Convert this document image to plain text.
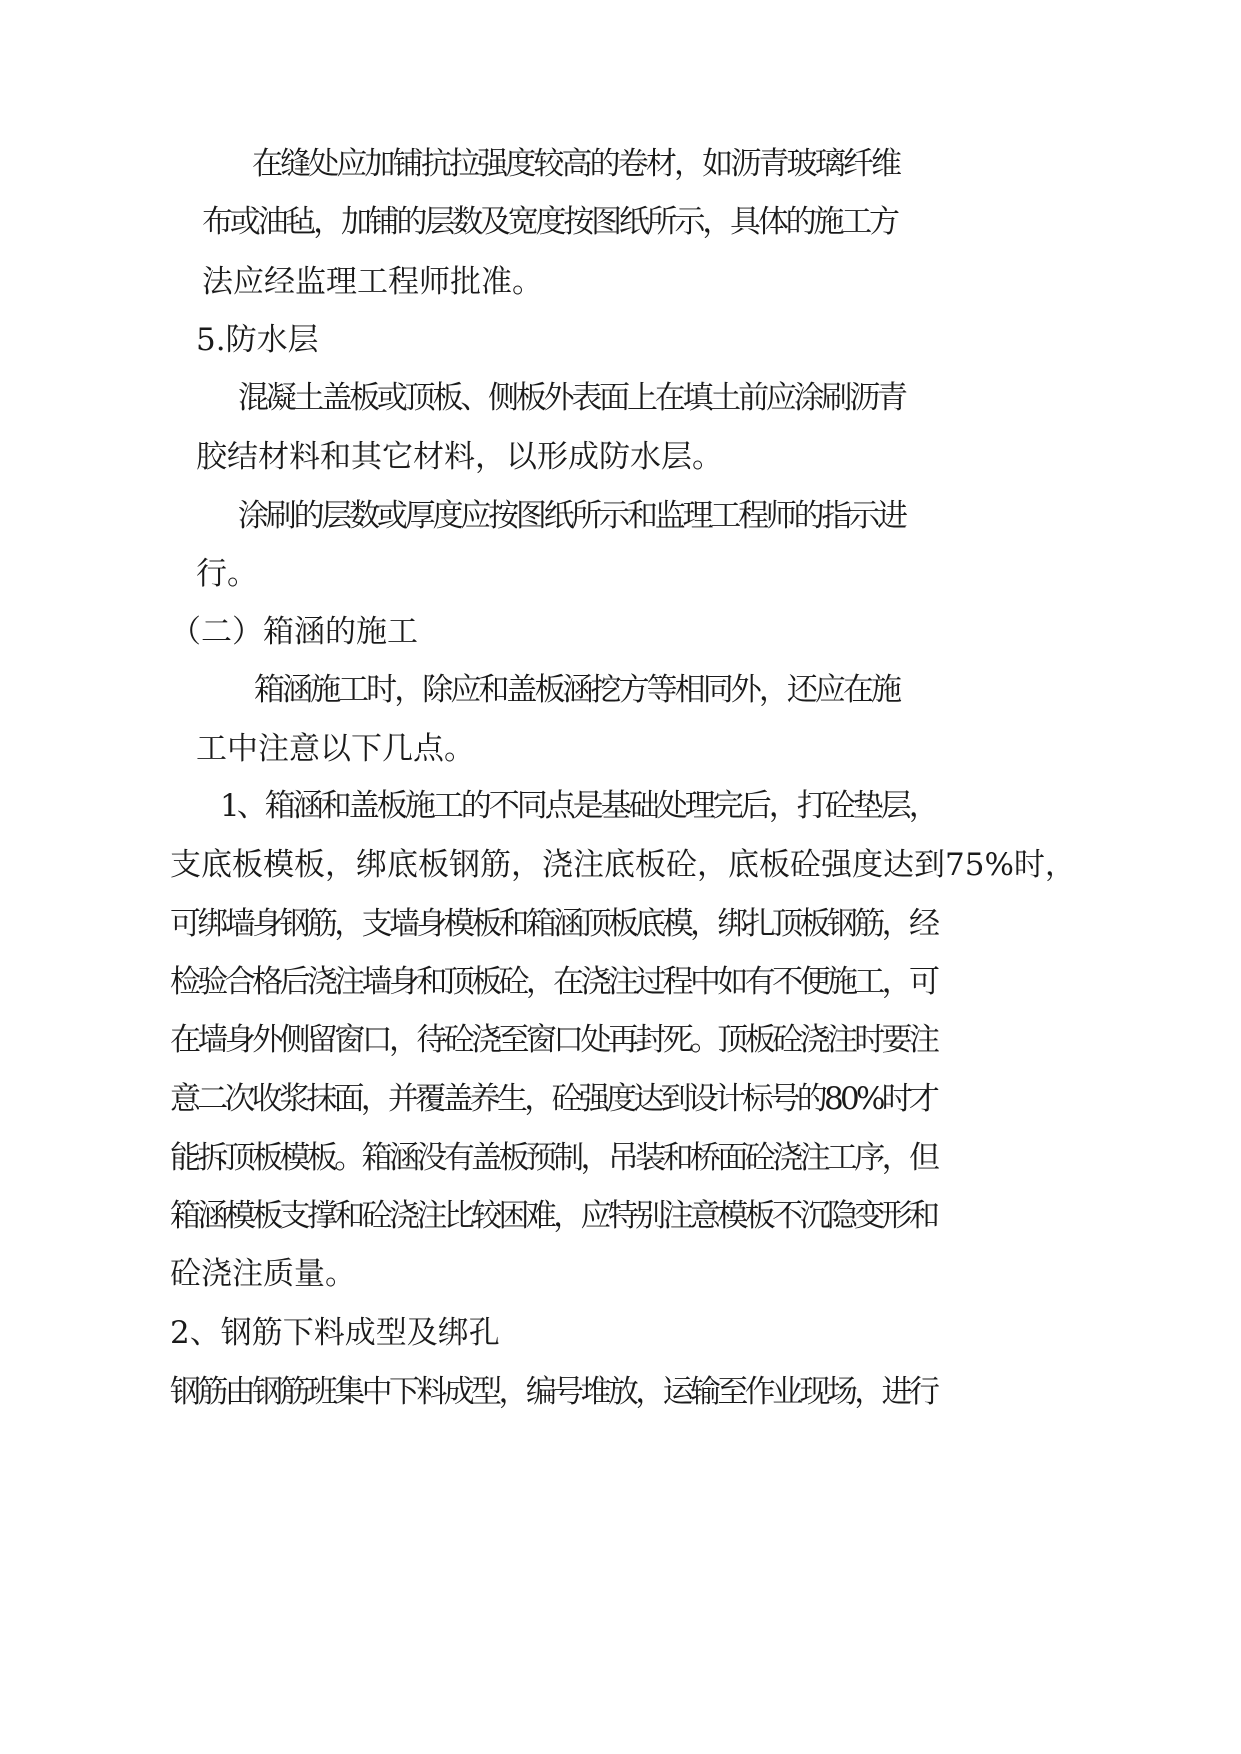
在缝处应加铺抗拉强度较高的卷材，如沥青玻璃纤维
布或油毡，加铺的层数及宽度按图纸所示，具体的施工方
法应经监理工程师批准。
5.防水层
混凝土盖板或顶板、侧板外表面上在填土前应涂刷沥青
胶结材料和其它材料，以形成防水层。
涂刷的层数或厚度应按图纸所示和监理工程师的指示进
行。
（二）箱涵的施工
箱涵施工时，除应和盖板涵挖方等相同外，还应在施
工中注意以下几点。
1、箱涵和盖板施工的不同点是基础处理完后，打砼垫层，
支底板模板，绑底板钢筋，浇注底板砼，底板砼强度达到75%时，
可绑墙身钢筋，支墙身模板和箱涵顶板底模，绑扎顶板钢筋，经
检验合格后浇注墙身和顶板砼，在浇注过程中如有不便施工，可
在墙身外侧留窗口，待砼浇至窗口处再封死。顶板砼浇注时要注
意二次收浆抹面，并覆盖养生，砼强度达到设计标号的80%时才
能拆顶板模板。箱涵没有盖板预制，吊装和桥面砼浇注工序，但
箱涵模板支撑和砼浇注比较困难，应特别注意模板不沉隐变形和
砼浇注质量。
2、钢筋下料成型及绑孔
钢筋由钢筋班集中下料成型，编号堆放，运输至作业现场，进行
